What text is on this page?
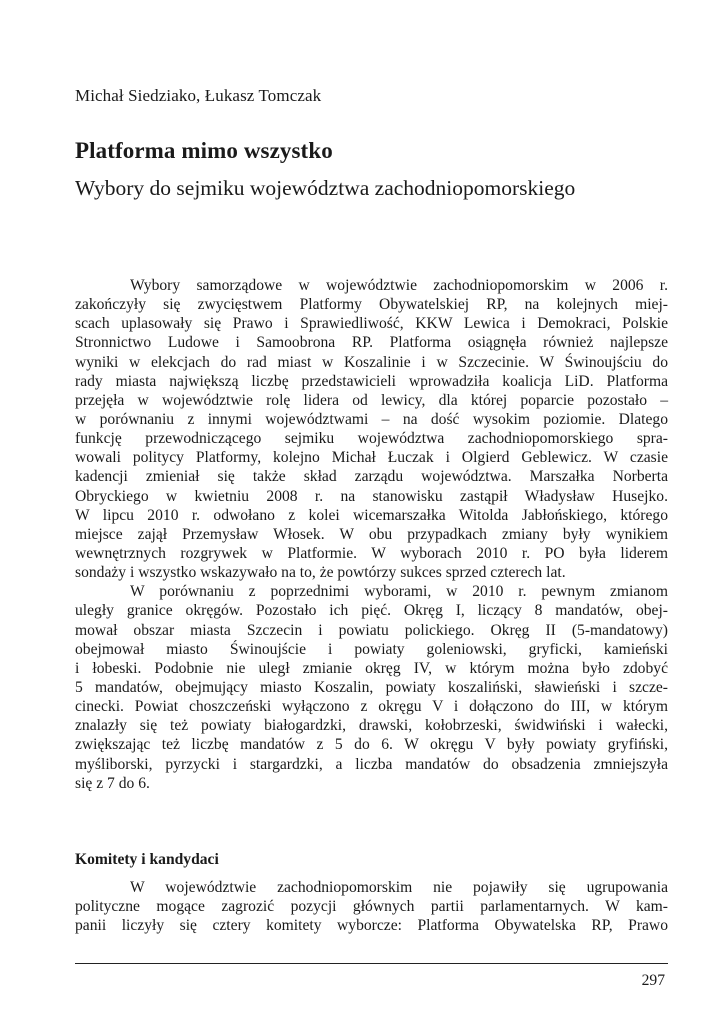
Michał Siedziako, Łukasz Tomczak
Platforma mimo wszystko
Wybory do sejmiku województwa zachodniopomorskiego
Wybory samorządowe w województwie zachodniopomorskim w 2006 r.
zakończyły się zwycięstwem Platformy Obywatelskiej RP, na kolejnych miej-
scach uplasowały się Prawo i Sprawiedliwość, KKW Lewica i Demokraci, Polskie
Stronnictwo Ludowe i Samoobrona RP. Platforma osiągnęła również najlepsze
wyniki w elekcjach do rad miast w Koszalinie i w Szczecinie. W Świnoujściu do
rady miasta największą liczbę przedstawicieli wprowadziła koalicja LiD. Platforma
przejęła w województwie rolę lidera od lewicy, dla której poparcie pozostało –
w porównaniu z innymi województwami – na dość wysokim poziomie. Dlatego
funkcję przewodniczącego sejmiku województwa zachodniopomorskiego spra-
wowali politycy Platformy, kolejno Michał Łuczak i Olgierd Geblewicz. W czasie
kadencji zmieniał się także skład zarządu województwa. Marszałka Norberta
Obryckiego w kwietniu 2008 r. na stanowisku zastąpił Władysław Husejko.
W lipcu 2010 r. odwołano z kolei wicemarszałka Witolda Jabłońskiego, którego
miejsce zajął Przemysław Włosek. W obu przypadkach zmiany były wynikiem
wewnętrznych rozgrywek w Platformie. W wyborach 2010 r. PO była liderem
sondaży i wszystko wskazywało na to, że powtórzy sukces sprzed czterech lat.
W porównaniu z poprzednimi wyborami, w 2010 r. pewnym zmianom
uległy granice okręgów. Pozostało ich pięć. Okręg I, liczący 8 mandatów, obej-
mował obszar miasta Szczecin i powiatu polickiego. Okręg II (5-mandatowy)
obejmował miasto Świnoujście i powiaty goleniowski, gryficki, kamieński
i łobeski. Podobnie nie uległ zmianie okręg IV, w którym można było zdobyć
5 mandatów, obejmujący miasto Koszalin, powiaty koszaliński, sławieński i szcze-
cinecki. Powiat choszczeński wyłączono z okręgu V i dołączono do III, w którym
znalazły się też powiaty białogardzki, drawski, kołobrzeski, świdwiński i wałecki,
zwiększając też liczbę mandatów z 5 do 6. W okręgu V były powiaty gryfiński,
myśliborski, pyrzycki i stargardzki, a liczba mandatów do obsadzenia zmniejszyła
się z 7 do 6.
Komitety i kandydaci
W województwie zachodniopomorskim nie pojawiły się ugrupowania
polityczne mogące zagrozić pozycji głównych partii parlamentarnych. W kam-
panii liczyły się cztery komitety wyborcze: Platforma Obywatelska RP, Prawo
297
